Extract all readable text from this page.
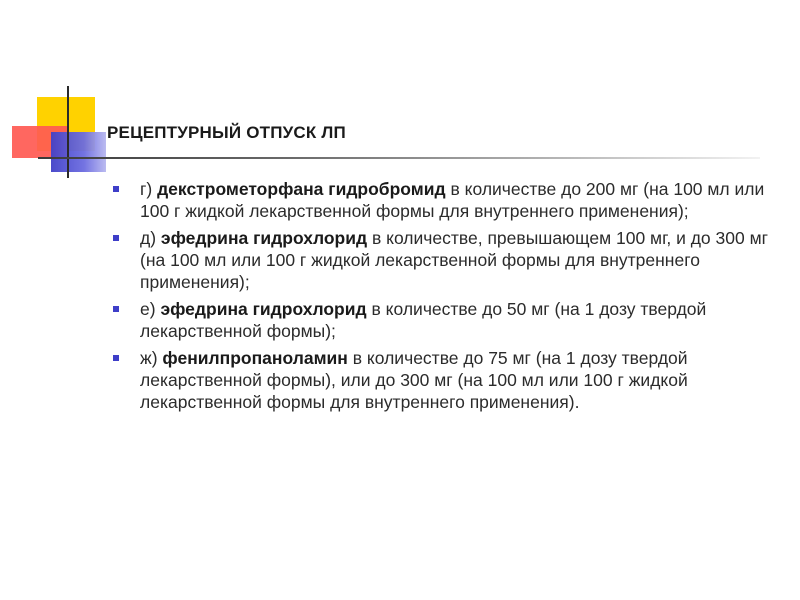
РЕЦЕПТУРНЫЙ ОТПУСК ЛП
г) декстрометорфана гидробромид в количестве до 200 мг (на 100 мл или 100 г жидкой лекарственной формы для внутреннего применения);
д) эфедрина гидрохлорид в количестве, превышающем 100 мг, и до 300 мг (на 100 мл или 100 г жидкой лекарственной формы для внутреннего применения);
е) эфедрина гидрохлорид в количестве до 50 мг (на 1 дозу твердой лекарственной формы);
ж) фенилпропаноламин в количестве до 75 мг (на 1 дозу твердой лекарственной формы), или до 300 мг (на 100 мл или 100 г жидкой лекарственной формы для внутреннего применения).
